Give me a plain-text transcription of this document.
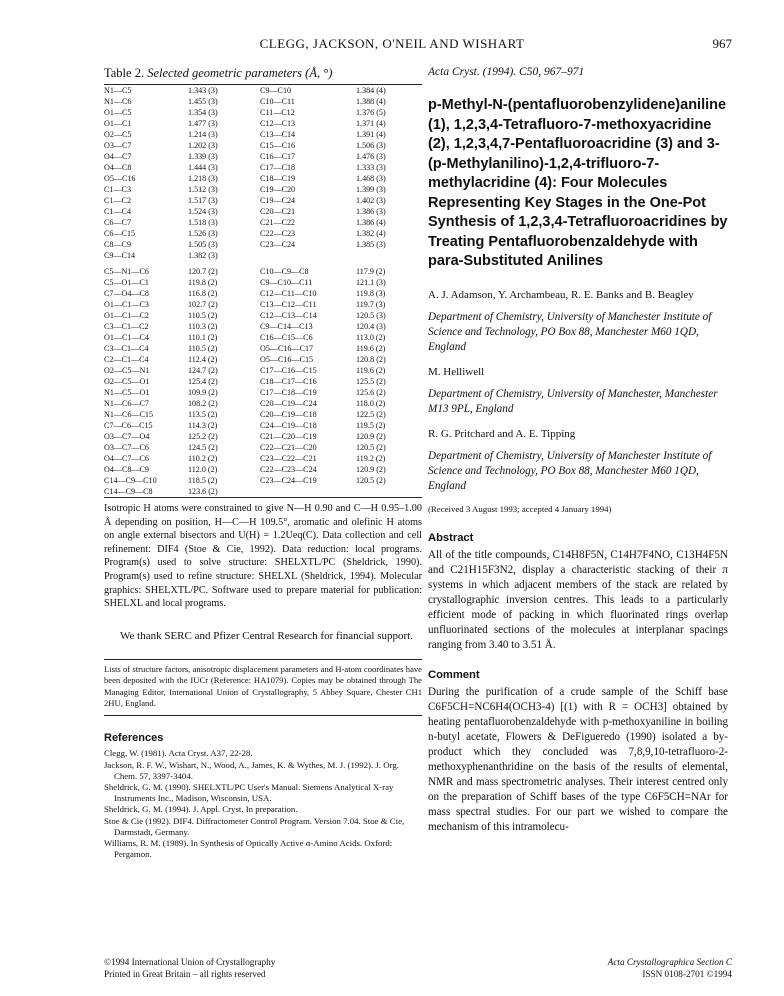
CLEGG, JACKSON, O'NEIL AND WISHART	967
Table 2. Selected geometric parameters (Å, °)
N1—C5	1.343 (3)	C9—C10	1.384 (4)
N1—C6	1.455 (3)	C10—C11	1.388 (4)
O1—C5	1.354 (3)	C11—C12	1.376 (5)
O1—C1	1.477 (3)	C12—C13	1.371 (4)
O2—C5	1.214 (3)	C13—C14	1.391 (4)
O3—C7	1.202 (3)	C15—C16	1.506 (3)
O4—C7	1.339 (3)	C16—C17	1.476 (3)
O4—C8	1.444 (3)	C17—C18	1.333 (3)
O5—C16	1.218 (3)	C18—C19	1.468 (3)
C1—C3	1.512 (3)	C19—C20	1.399 (3)
C1—C2	1.517 (3)	C19—C24	1.402 (3)
C1—C4	1.524 (3)	C20—C21	1.386 (3)
C6—C7	1.518 (3)	C21—C22	1.386 (4)
C6—C15	1.526 (3)	C22—C23	1.382 (4)
C8—C9	1.505 (3)	C23—C24	1.385 (3)
C9—C14	1.382 (3)
C5—N1—C6	120.7 (2)	C10—C9—C8	117.9 (2)
C5—O1—C1	119.8 (2)	C9—C10—C11	121.1 (3)
C7—O4—C8	116.8 (2)	C12—C11—C10	119.8 (3)
O1—C1—C3	102.7 (2)	C13—C12—C11	119.7 (3)
O1—C1—C2	110.5 (2)	C12—C13—C14	120.5 (3)
C3—C1—C2	110.3 (2)	C9—C14—C13	120.4 (3)
O1—C1—C4	110.1 (2)	C16—C15—C6	113.0 (2)
C3—C1—C4	110.5 (2)	O5—C16—C17	119.6 (2)
C2—C1—C4	112.4 (2)	O5—C16—C15	120.8 (2)
O2—C5—N1	124.7 (2)	C17—C16—C15	119.6 (2)
O2—C5—O1	125.4 (2)	C18—C17—C16	125.5 (2)
N1—C5—O1	109.9 (2)	C17—C18—C19	125.6 (2)
N1—C6—C7	108.2 (2)	C20—C19—C24	118.0 (2)
N1—C6—C15	113.5 (2)	C20—C19—C18	122.5 (2)
C7—C6—C15	114.3 (2)	C24—C19—C18	119.5 (2)
O3—C7—O4	125.2 (2)	C21—C20—C19	120.9 (2)
O3—C7—C6	124.5 (2)	C22—C21—C20	120.5 (2)
O4—C7—C6	110.2 (2)	C23—C22—C21	119.2 (2)
O4—C8—C9	112.0 (2)	C22—C23—C24	120.9 (2)
C14—C9—C10	118.5 (2)	C23—C24—C19	120.5 (2)
C14—C9—C8	123.6 (2)
Isotropic H atoms were constrained to give N—H 0.90 and C—H 0.95–1.00 Å depending on position, H—C—H 109.5°, aromatic and olefinic H atoms on angle external bisectors and U(H) = 1.2Ueq(C). Data collection and cell refinement: DIF4 (Stoe & Cie, 1992). Data reduction: local programs. Program(s) used to solve structure: SHELXTL/PC (Sheldrick, 1990). Program(s) used to refine structure: SHELXL (Sheldrick, 1994). Molecular graphics: SHELXTL/PC. Software used to prepare material for publication: SHELXL and local programs.
We thank SERC and Pfizer Central Research for financial support.
Lists of structure factors, anisotropic displacement parameters and H-atom coordinates have been deposited with the IUCr (Reference: HA1079). Copies may be obtained through The Managing Editor, International Union of Crystallography, 5 Abbey Square, Chester CH1 2HU, England.
References
Clegg, W. (1981). Acta Cryst. A37, 22-28.
Jackson, R. F. W., Wishart, N., Wood, A., James, K. & Wythes, M. J. (1992). J. Org. Chem. 57, 3397-3404.
Sheldrick, G. M. (1990). SHELXTL/PC User's Manual. Siemens Analytical X-ray Instruments Inc., Madison, Wisconsin, USA.
Sheldrick, G. M. (1994). J. Appl. Cryst. In preparation.
Stoe & Cie (1992). DIF4. Diffractometer Control Program. Version 7.04. Stoe & Cie, Darmstadt, Germany.
Williams, R. M. (1989). In Synthesis of Optically Active α-Amino Acids. Oxford: Pergamon.
Acta Cryst. (1994). C50, 967–971
p-Methyl-N-(pentafluorobenzylidene)aniline (1), 1,2,3,4-Tetrafluoro-7-methoxyacridine (2), 1,2,3,4,7-Pentafluoroacridine (3) and 3-(p-Methylanilino)-1,2,4-trifluoro-7-methylacridine (4): Four Molecules Representing Key Stages in the One-Pot Synthesis of 1,2,3,4-Tetrafluoroacridines by Treating Pentafluorobenzaldehyde with para-Substituted Anilines
A. J. Adamson, Y. Archambeau, R. E. Banks and B. Beagley
Department of Chemistry, University of Manchester Institute of Science and Technology, PO Box 88, Manchester M60 1QD, England
M. Helliwell
Department of Chemistry, University of Manchester, Manchester M13 9PL, England
R. G. Pritchard and A. E. Tipping
Department of Chemistry, University of Manchester Institute of Science and Technology, PO Box 88, Manchester M60 1QD, England
(Received 3 August 1993; accepted 4 January 1994)
Abstract
All of the title compounds, C14H8F5N, C14H7F4NO, C13H4F5N and C21H15F3N2, display a characteristic stacking of their π systems in which adjacent members of the stack are related by crystallographic inversion centres. This leads to a particularly efficient mode of packing in which fluorinated rings overlap unfluorinated sections of the molecules at interplanar spacings ranging from 3.40 to 3.51 Å.
Comment
During the purification of a crude sample of the Schiff base C6F5CH=NC6H4(OCH3-4) [(1) with R = OCH3] obtained by heating pentafluorobenzaldehyde with p-methoxyaniline in boiling n-butyl acetate, Flowers & DeFigueredo (1990) isolated a by-product which they concluded was 7,8,9,10-tetrafluoro-2-methoxyphenanthridine on the basis of the results of elemental, NMR and mass spectrometric analyses. Their interest centred only on the preparation of Schiff bases of the type C6F5CH=NAr for mass spectral studies. For our part we wished to compare the mechanism of this intramolecu-
©1994 International Union of Crystallography
Printed in Great Britain – all rights reserved
Acta Crystallographica Section C
ISSN 0108-2701 ©1994
